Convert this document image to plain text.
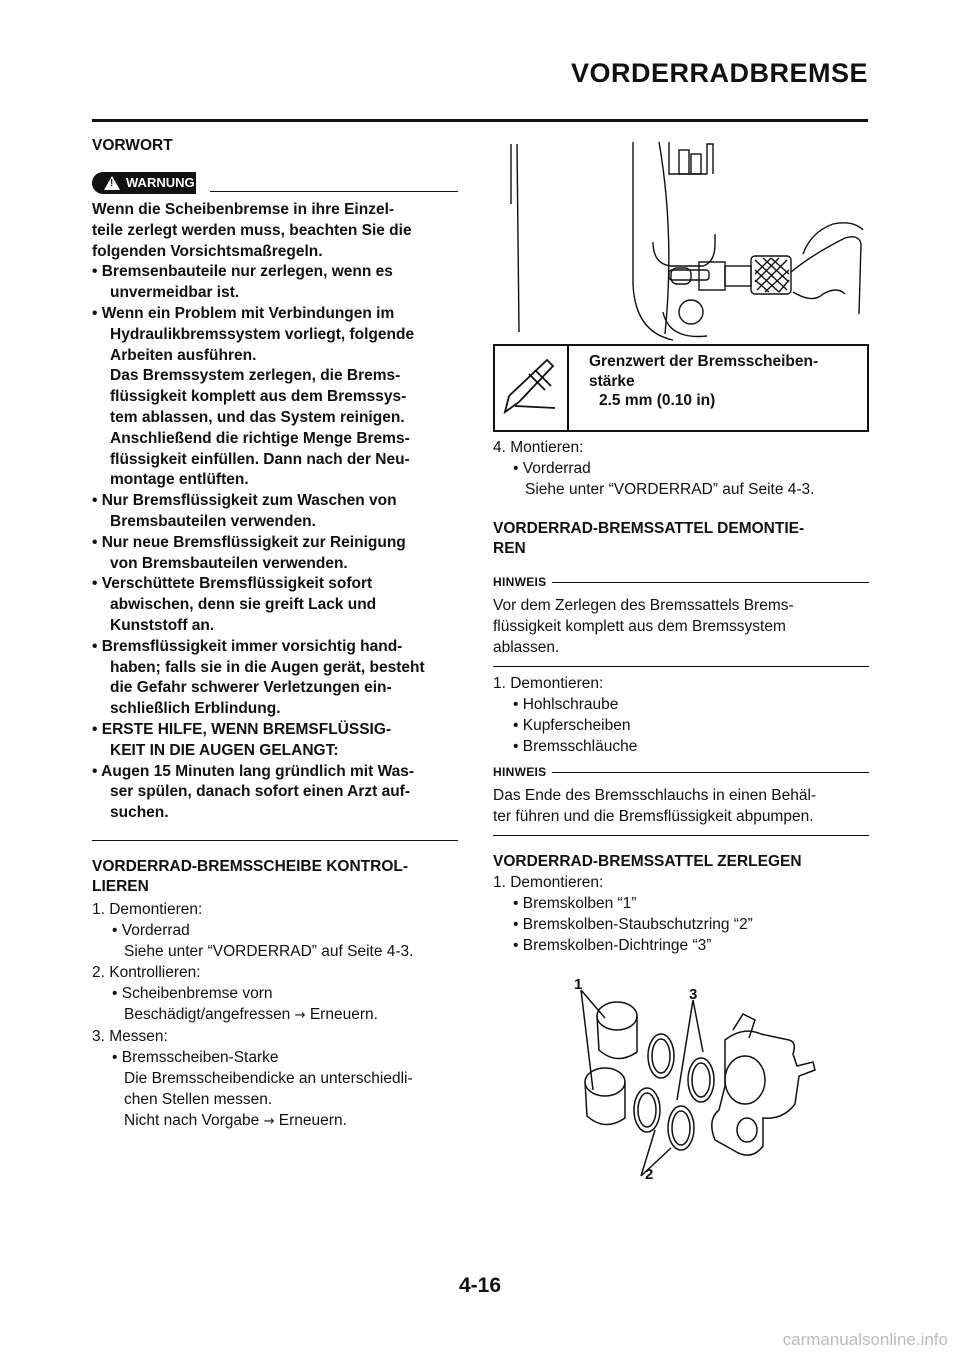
VORDERRADBREMSE
VORWORT
! WARNUNG

Wenn die Scheibenbremse in ihre Einzel-

teile zerlegt werden muss, beachten Sie die

folgenden Vorsichtsmaßregeln.

• Bremsenbauteile nur zerlegen, wenn es

unvermeidbar ist.

• Wenn ein Problem mit Verbindungen im

Hydraulikbremssystem vorliegt, folgende

Arbeiten ausführen.

Das Bremssystem zerlegen, die Brems-

flüssigkeit komplett aus dem Bremssys-

tem ablassen, und das System reinigen.

Anschließend die richtige Menge Brems-

flüssigkeit einfüllen. Dann nach der Neu-

montage entlüften.

• Nur Bremsflüssigkeit zum Waschen von

Bremsbauteilen verwenden.

• Nur neue Bremsflüssigkeit zur Reinigung

von Bremsbauteilen verwenden.

• Verschüttete Bremsflüssigkeit sofort

abwischen, denn sie greift Lack und

Kunststoff an.

• Bremsflüssigkeit immer vorsichtig hand-

haben; falls sie in die Augen gerät, besteht

die Gefahr schwerer Verletzungen ein-

schließlich Erblindung.

• ERSTE HILFE, WENN BREMSFLÜSSIG-

KEIT IN DIE AUGEN GELANGT:

• Augen 15 Minuten lang gründlich mit Was-

ser spülen, danach sofort einen Arzt auf-

suchen.

VORDERRAD-BREMSSCHEIBE KONTROL-
LIEREN

1. Demontieren:

• Vorderrad

Siehe unter “VORDERRAD” auf Seite 4-3.

2. Kontrollieren:

• Scheibenbremse vorn

Beschädigt/angefressen → Erneuern.

3. Messen:

• Bremsscheiben-Starke

Die Bremsscheibendicke an unterschiedli-

chen Stellen messen.

Nicht nach Vorgabe → Erneuern.

Grenzwert der Bremsscheiben-
stärke
2.5 mm (0.10 in)

4. Montieren:

• Vorderrad

Siehe unter “VORDERRAD” auf Seite 4-3.

VORDERRAD-BREMSSATTEL DEMONTIE-
REN
HINWEIS

Vor dem Zerlegen des Bremssattels Brems-

flüssigkeit komplett aus dem Bremssystem

ablassen.

1. Demontieren:

• Hohlschraube

• Kupferscheiben

• Bremsschläuche

HINWEIS

Das Ende des Bremsschlauchs in einen Behäl-

ter führen und die Bremsflüssigkeit abpumpen.

VORDERRAD-BREMSSATTEL ZERLEGEN

1. Demontieren:

• Bremskolben “1”

• Bremskolben-Staubschutzring “2”

• Bremskolben-Dichtringe “3”

1
3
2
4-16
carmanualsonline.info
